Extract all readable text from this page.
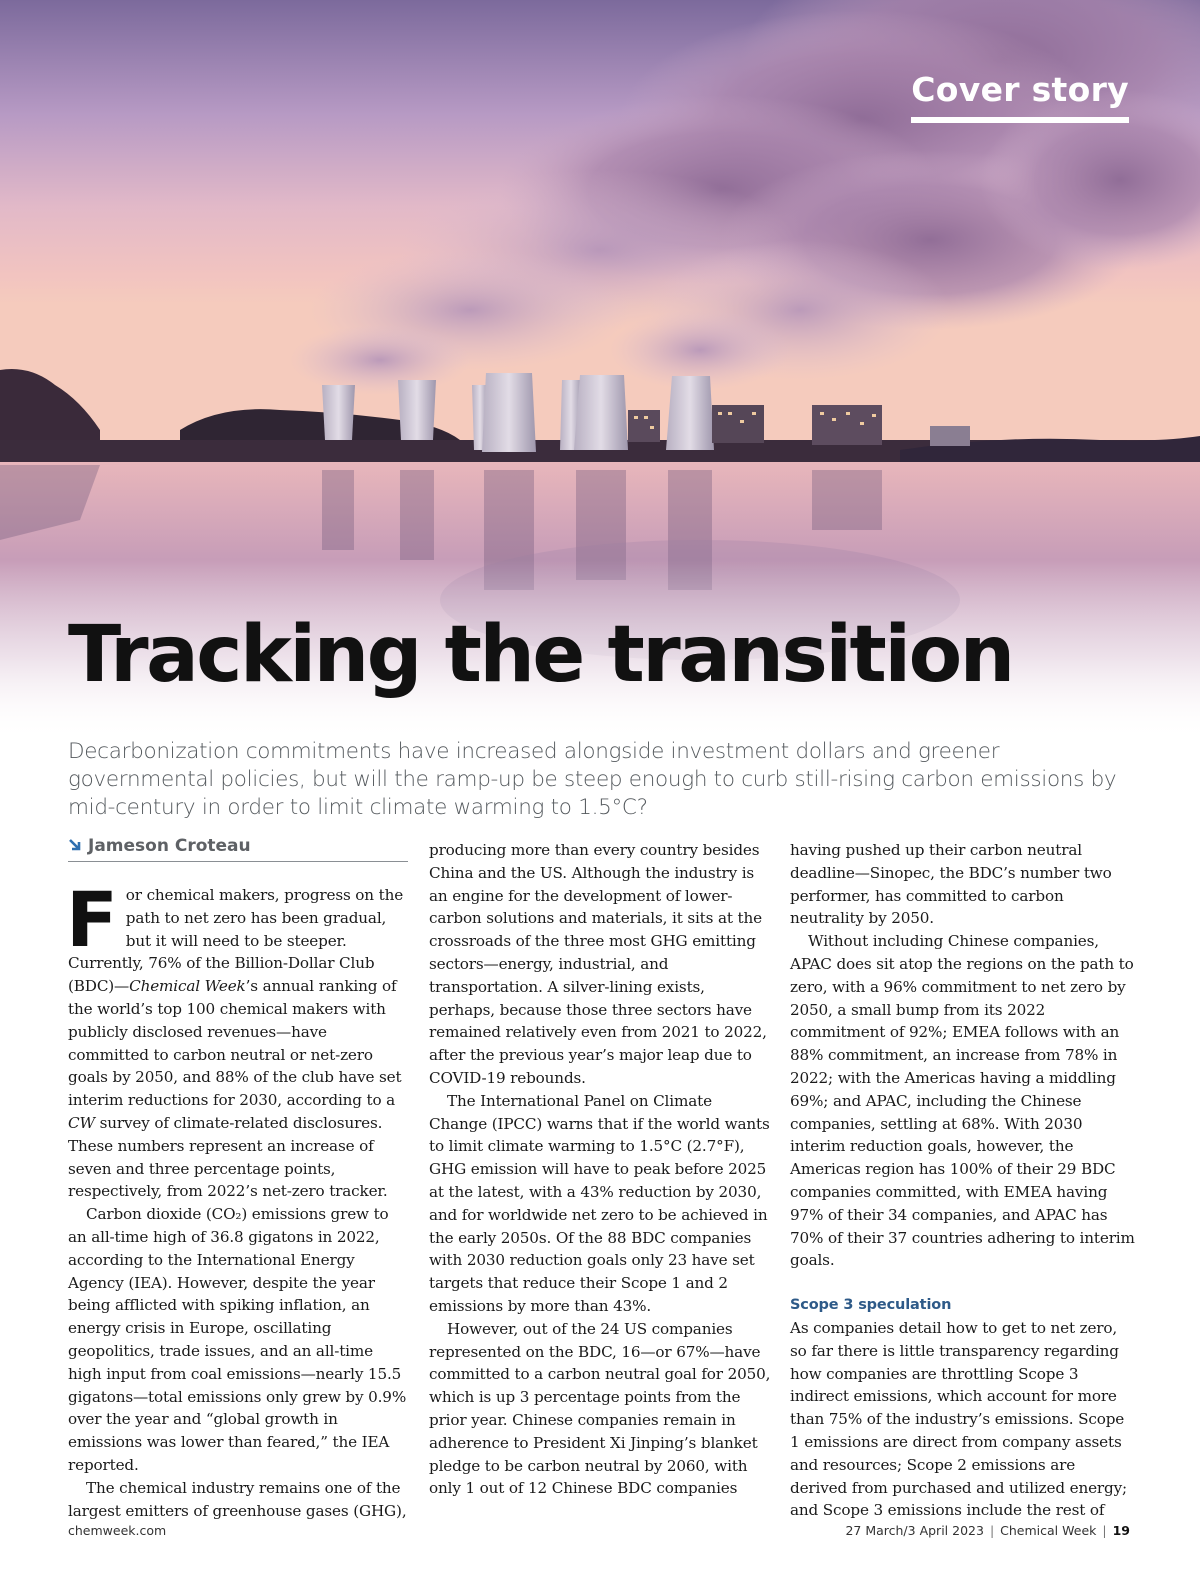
Cover story
Tracking the transition

Decarbonization commitments have increased alongside investment dollars and greener governmental policies, but will the ramp-up be steep enough to curb still-rising carbon emissions by mid-century in order to limit climate warming to 1.5°C?

Jameson Croteau

For chemical makers, progress on the path to net zero has been gradual, but it will need to be steeper. Currently, 76% of the Billion-Dollar Club (BDC)—Chemical Week’s annual ranking of the world’s top 100 chemical makers with publicly disclosed revenues—have committed to carbon neutral or net-zero goals by 2050, and 88% of the club have set interim reductions for 2030, according to a CW survey of climate-related disclosures. These numbers represent an increase of seven and three percentage points, respectively, from 2022’s net-zero tracker.

Carbon dioxide (CO₂) emissions grew to an all-time high of 36.8 gigatons in 2022, according to the International Energy Agency (IEA). However, despite the year being afflicted with spiking inflation, an energy crisis in Europe, oscillating geopolitics, trade issues, and an all-time high input from coal emissions—nearly 15.5 gigatons—total emissions only grew by 0.9% over the year and “global growth in emissions was lower than feared,” the IEA reported.

The chemical industry remains one of the largest emitters of greenhouse gases (GHG),

producing more than every country besides China and the US. Although the industry is an engine for the development of lower-carbon solutions and materials, it sits at the crossroads of the three most GHG emitting sectors—energy, industrial, and transportation. A silver-lining exists, perhaps, because those three sectors have remained relatively even from 2021 to 2022, after the previous year’s major leap due to COVID-19 rebounds.

The International Panel on Climate Change (IPCC) warns that if the world wants to limit climate warming to 1.5°C (2.7°F), GHG emission will have to peak before 2025 at the latest, with a 43% reduction by 2030, and for worldwide net zero to be achieved in the early 2050s. Of the 88 BDC companies with 2030 reduction goals only 23 have set targets that reduce their Scope 1 and 2 emissions by more than 43%.

However, out of the 24 US companies represented on the BDC, 16—or 67%—have committed to a carbon neutral goal for 2050, which is up 3 percentage points from the prior year. Chinese companies remain in adherence to President Xi Jinping’s blanket pledge to be carbon neutral by 2060, with only 1 out of 12 Chinese BDC companies

having pushed up their carbon neutral deadline—Sinopec, the BDC’s number two performer, has committed to carbon neutrality by 2050.

Without including Chinese companies, APAC does sit atop the regions on the path to zero, with a 96% commitment to net zero by 2050, a small bump from its 2022 commitment of 92%; EMEA follows with an 88% commitment, an increase from 78% in 2022; with the Americas having a middling 69%; and APAC, including the Chinese companies, settling at 68%. With 2030 interim reduction goals, however, the Americas region has 100% of their 29 BDC companies committed, with EMEA having 97% of their 34 companies, and APAC has 70% of their 37 countries adhering to interim goals.

Scope 3 speculation

As companies detail how to get to net zero, so far there is little transparency regarding how companies are throttling Scope 3 indirect emissions, which account for more than 75% of the industry’s emissions. Scope 1 emissions are direct from company assets and resources; Scope 2 emissions are derived from purchased and utilized energy; and Scope 3 emissions include the rest of

chemweek.com	27 March/3 April 2023 | Chemical Week | 19
